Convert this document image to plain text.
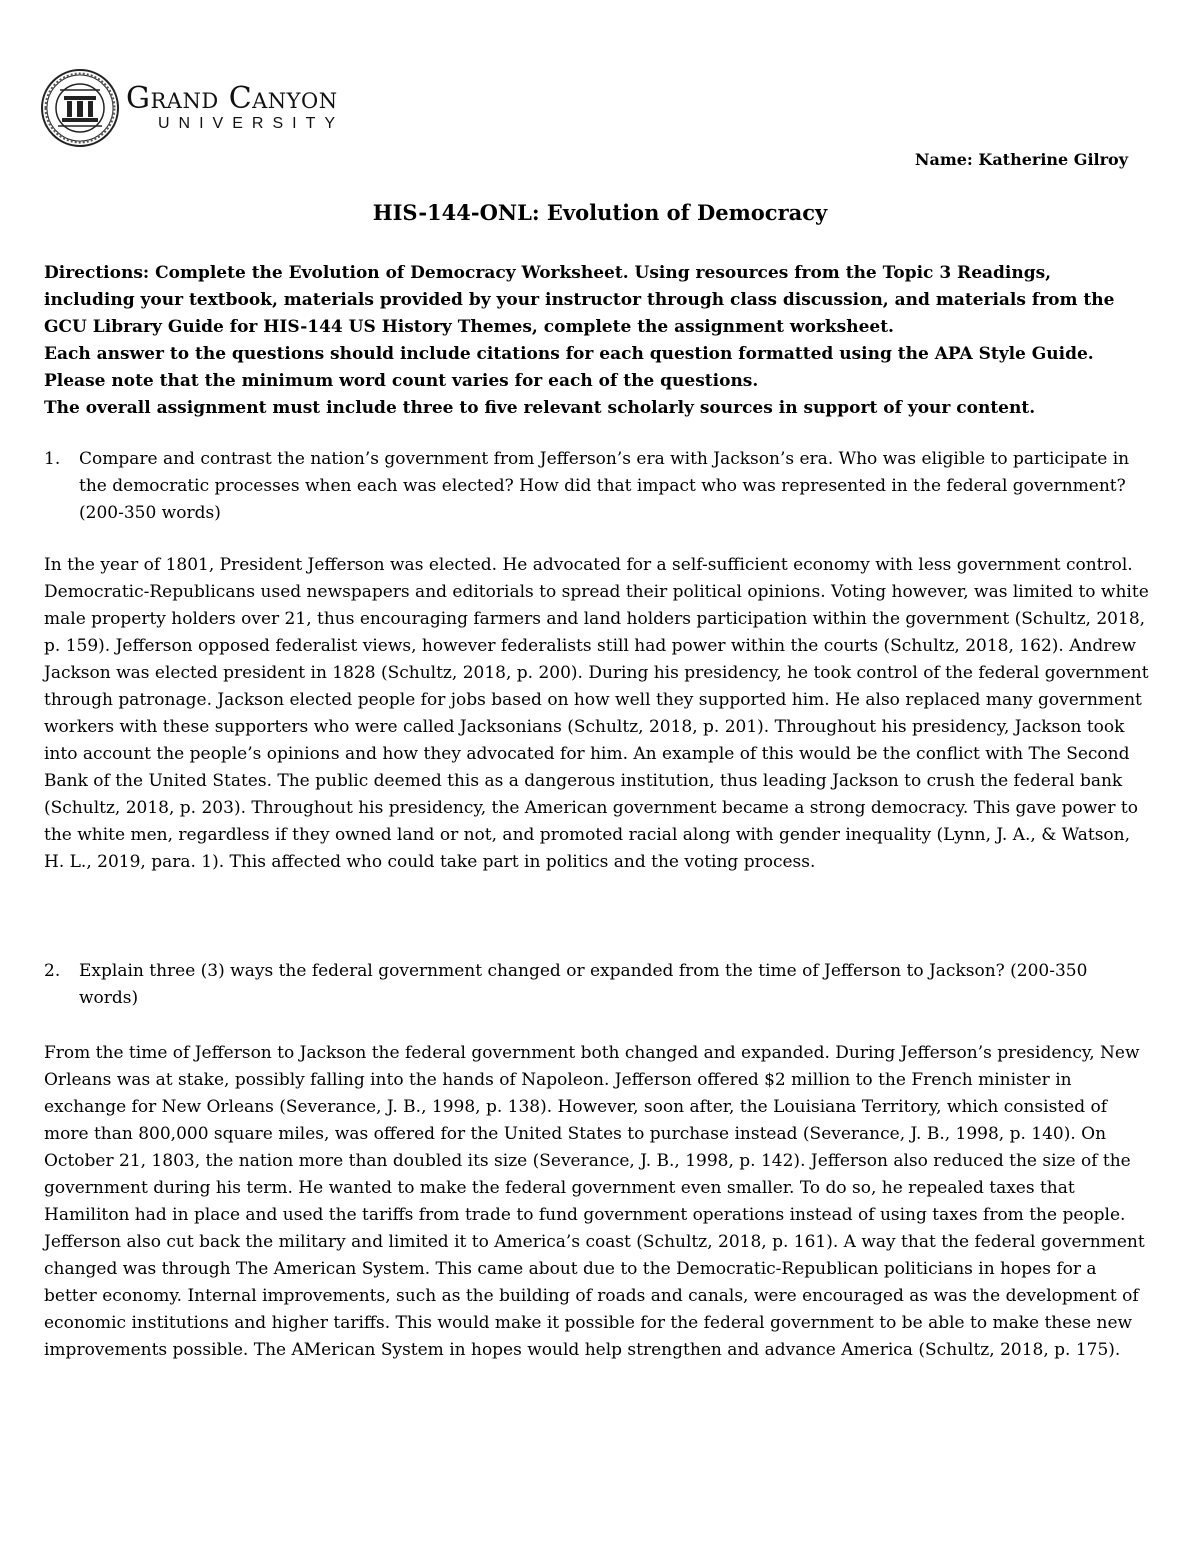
Grand Canyon
UNIVERSITY
Name: Katherine Gilroy
HIS-144-ONL: Evolution of Democracy

Directions: Complete the Evolution of Democracy Worksheet. Using resources from the Topic 3 Readings, including your textbook, materials provided by your instructor through class discussion, and materials from the GCU Library Guide for HIS-144 US History Themes, complete the assignment worksheet.

Each answer to the questions should include citations for each question formatted using the APA Style Guide. Please note that the minimum word count varies for each of the questions.

The overall assignment must include three to five relevant scholarly sources in support of your content.

1.	Compare and contrast the nation’s government from Jefferson’s era with Jackson’s era. Who was eligible to participate in the democratic processes when each was elected? How did that impact who was represented in the federal government? (200-350 words)

In the year of 1801, President Jefferson was elected. He advocated for a self-sufficient economy with less government control. Democratic-Republicans used newspapers and editorials to spread their political opinions. Voting however, was limited to white male property holders over 21, thus encouraging farmers and land holders participation within the government (Schultz, 2018, p. 159). Jefferson opposed federalist views, however federalists still had power within the courts (Schultz, 2018, 162). Andrew Jackson was elected president in 1828 (Schultz, 2018, p. 200). During his presidency, he took control of the federal government through patronage. Jackson elected people for jobs based on how well they supported him. He also replaced many government workers with these supporters who were called Jacksonians (Schultz, 2018, p. 201). Throughout his presidency, Jackson took into account the people’s opinions and how they advocated for him. An example of this would be the conflict with The Second Bank of the United States. The public deemed this as a dangerous institution, thus leading Jackson to crush the federal bank (Schultz, 2018, p. 203). Throughout his presidency, the American government became a strong democracy. This gave power to the white men, regardless if they owned land or not, and promoted racial along with gender inequality (Lynn, J. A., & Watson, H. L., 2019, para. 1). This affected who could take part in politics and the voting process.

2.	Explain three (3) ways the federal government changed or expanded from the time of Jefferson to Jackson? (200-350 words)

From the time of Jefferson to Jackson the federal government both changed and expanded. During Jefferson’s presidency, New Orleans was at stake, possibly falling into the hands of Napoleon. Jefferson offered $2 million to the French minister in exchange for New Orleans (Severance, J. B., 1998, p. 138). However, soon after, the Louisiana Territory, which consisted of more than 800,000 square miles, was offered for the United States to purchase instead (Severance, J. B., 1998, p. 140). On October 21, 1803, the nation more than doubled its size (Severance, J. B., 1998, p. 142). Jefferson also reduced the size of the government during his term. He wanted to make the federal government even smaller. To do so, he repealed taxes that Hamiliton had in place and used the tariffs from trade to fund government operations instead of using taxes from the people. Jefferson also cut back the military and limited it to America’s coast (Schultz, 2018, p. 161). A way that the federal government changed was through The American System. This came about due to the Democratic-Republican politicians in hopes for a better economy. Internal improvements, such as the building of roads and canals, were encouraged as was the development of economic institutions and higher tariffs. This would make it possible for the federal government to be able to make these new improvements possible. The AMerican System in hopes would help strengthen and advance America (Schultz, 2018, p. 175).
